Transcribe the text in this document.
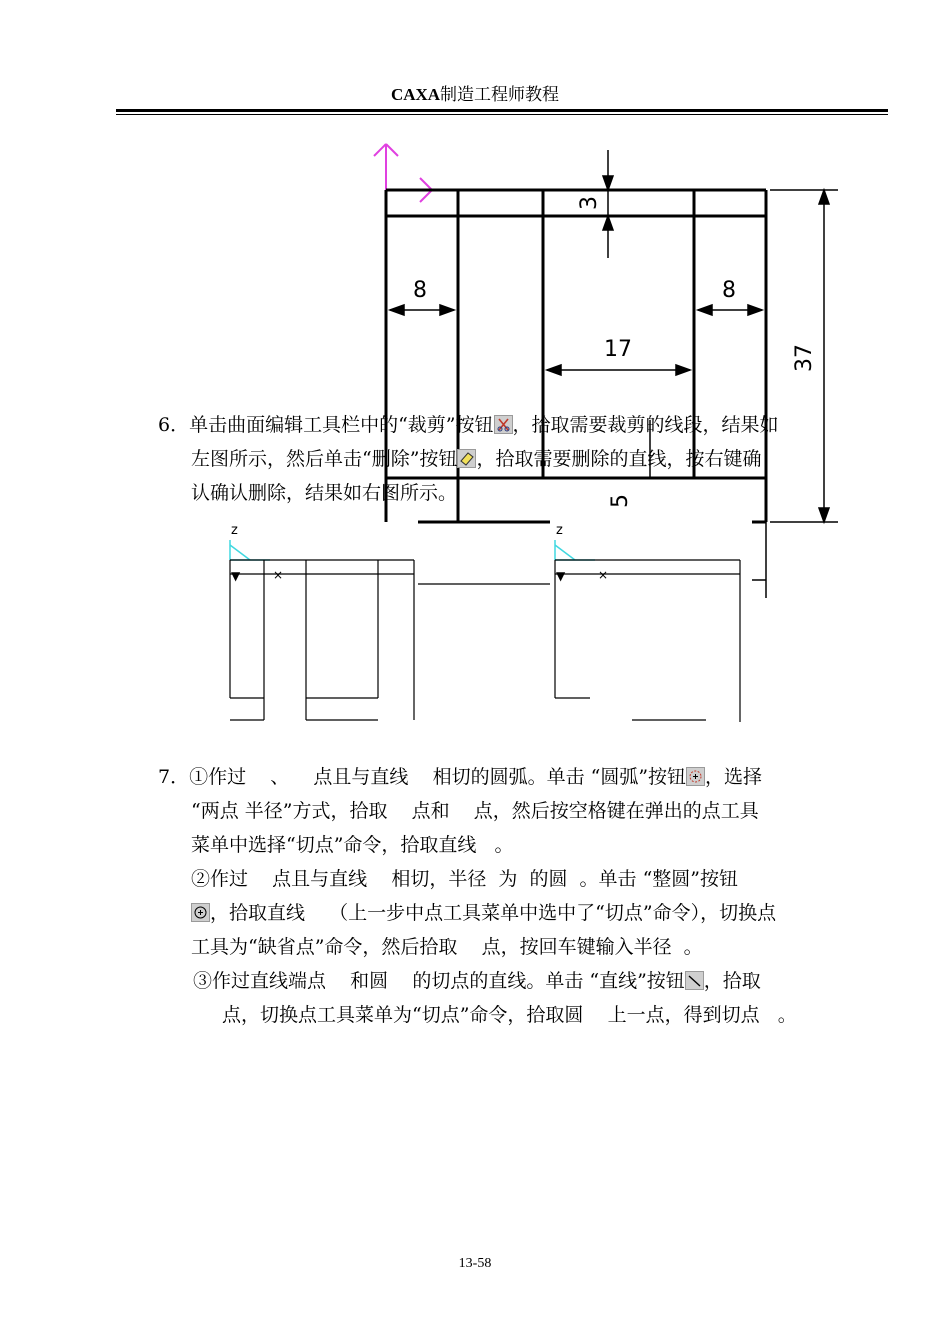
CAXA制造工程师教程
3
8	8
17	37
5
6．单击曲面编辑工具栏中的“裁剪”按钮 ，拾取需要裁剪的线段，结果如
左图所示，然后单击“删除”按钮 ，拾取需要删除的直线，按右键确
认确认删除，结果如右图所示。
z
▼	×
z
▼	×
7．①作过    、    点且与直线    相切的圆弧。单击 “圆弧”按钮 ，选择
“两点 半径”方式，拾取    点和    点，然后按空格键在弹出的点工具
菜单中选择“切点”命令，拾取直线   。
②作过    点且与直线    相切，半径  为  的圆  。单击 “整圆”按钮
，拾取直线    （上一步中点工具菜单中选中了“切点”命令），切换点
工具为“缺省点”命令，然后拾取    点，按回车键输入半径  。
③作过直线端点    和圆    的切点的直线。单击 “直线”按钮 ，拾取
点，切换点工具菜单为“切点”命令，拾取圆    上一点，得到切点   。
13-58
